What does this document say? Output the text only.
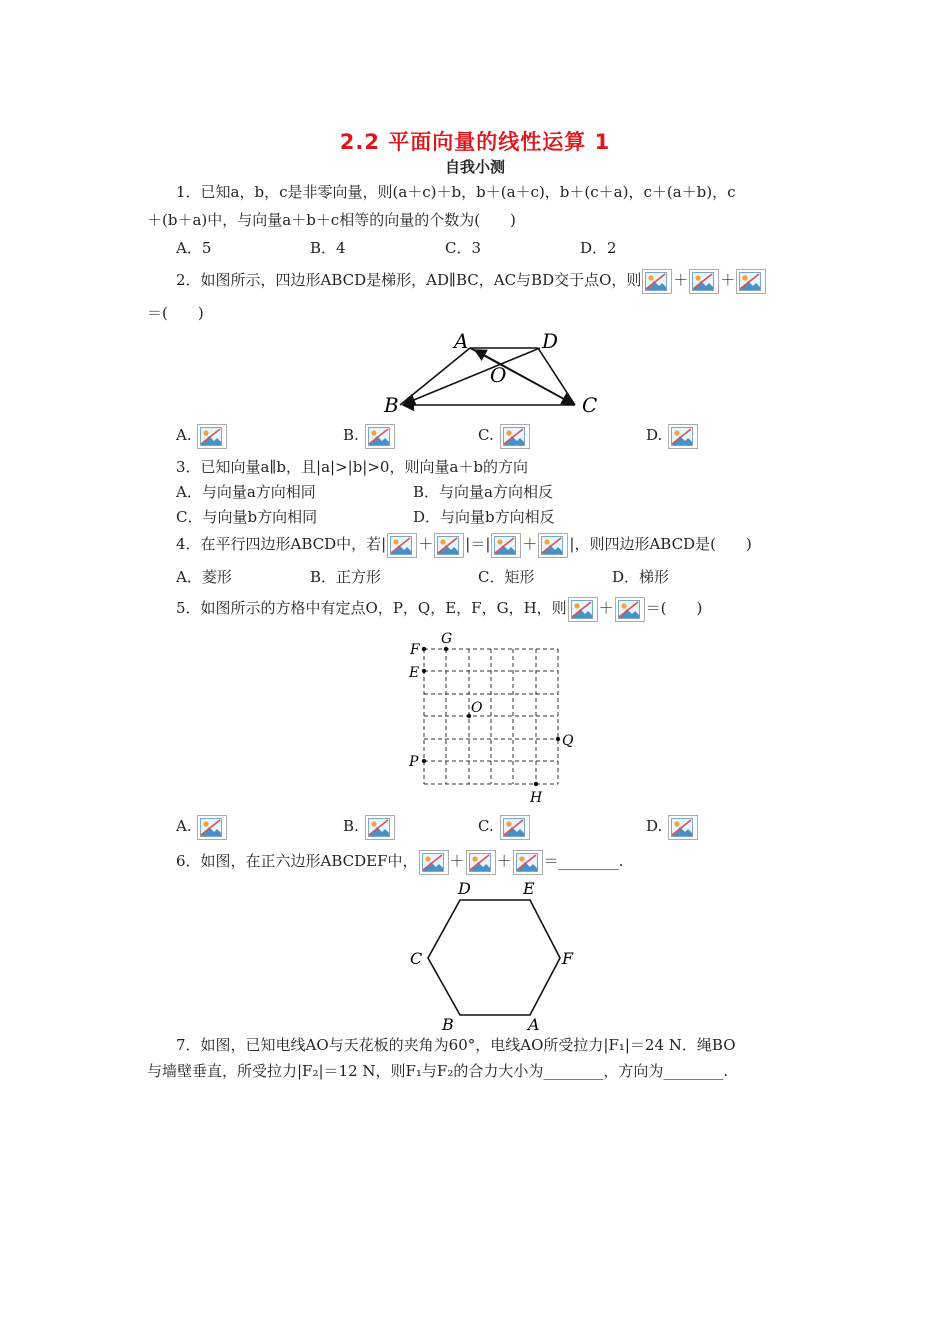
2.2 平面向量的线性运算 1
自我小测
1．已知a，b，c是非零向量，则(a＋c)＋b，b＋(a＋c)，b＋(c＋a)，c＋(a＋b)，c
＋(b＋a)中，与向量a＋b＋c相等的向量的个数为(　　)
A．5	B．4	C．3	D．2
2．如图所示，四边形ABCD是梯形，AD∥BC，AC与BD交于点O，则 ＋ ＋
＝(　　)
A	D
O
B	C
A.	B.	C.	D.
3．已知向量a∥b，且|a|>|b|>0，则向量a＋b的方向
A．与向量a方向相同	B．与向量a方向相反
C．与向量b方向相同	D．与向量b方向相反
4．在平行四边形ABCD中，若| ＋ |＝| ＋ |，则四边形ABCD是(　　)
A．菱形	B．正方形	C．矩形	D．梯形
5．如图所示的方格中有定点O，P，Q，E，F，G，H，则 ＋ ＝(　　)
G
F
E
O
Q
P
H
A.	B.	C.	D.
6．如图，在正六边形ABCDEF中， ＋ ＋ ＝________.
D	E
C	F
B	A
7．如图，已知电线AO与天花板的夹角为60°，电线AO所受拉力|F₁|＝24 N．绳BO
与墙壁垂直，所受拉力|F₂|＝12 N，则F₁与F₂的合力大小为________，方向为________.
